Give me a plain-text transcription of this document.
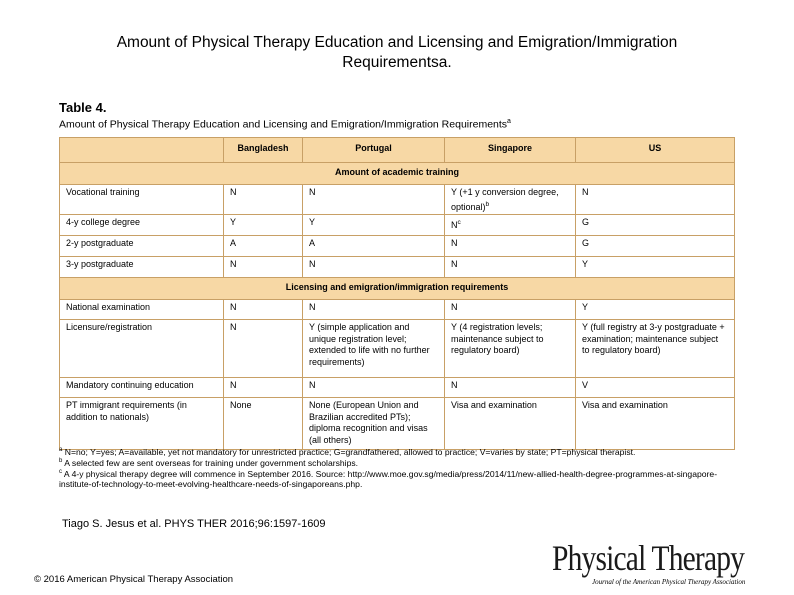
Amount of Physical Therapy Education and Licensing and Emigration/Immigration Requirementsa.
Table 4.
Amount of Physical Therapy Education and Licensing and Emigration/Immigration Requirements$^a$
	Bangladesh	Portugal	Singapore	US
Amount of academic training				
Vocational training	N	N	Y (+1 y conversion degree, optional)$^b$	N
4-y college degree	Y	Y	$N^c$	G
2-y postgraduate	A	A	N	G
3-y postgraduate	N	N	N	Y
Licensing and emigration/immigration requirements				
National examination	N	N	N	Y
Licensure/registration	N	Y (simple application and unique registration level; extended to life with no further requirements)	Y (4 registration levels; maintenance subject to regulatory board)	Y (full registry at 3-y postgraduate + examination; maintenance subject to regulatory board)
Mandatory continuing education	N	N	N	V
PT immigrant requirements (in addition to nationals)	None	None (European Union and Brazilian accredited PTs); diploma recognition and visas (all others)	Visa and examination	Visa and examination
$^a$ N=no; Y=yes; A=available, yet not mandatory for unrestricted practice; G=grandfathered, allowed to practice; V=varies by state; PT=physical therapist.
$^b$ A selected few are sent overseas for training under government scholarships.
$^c$ A 4-y physical therapy degree will commence in September 2016. Source: http://www.moe.gov.sg/media/press/2014/11/new-allied-health-degree-programmes-at-singapore-institute-of-technology-to-meet-evolving-healthcare-needs-of-singaporeans.php.
Tiago S. Jesus et al. PHYS THER 2016;96:1597-1609
© 2016 American Physical Therapy Association
Physical Therapy
Journal of the American Physical Therapy Association
